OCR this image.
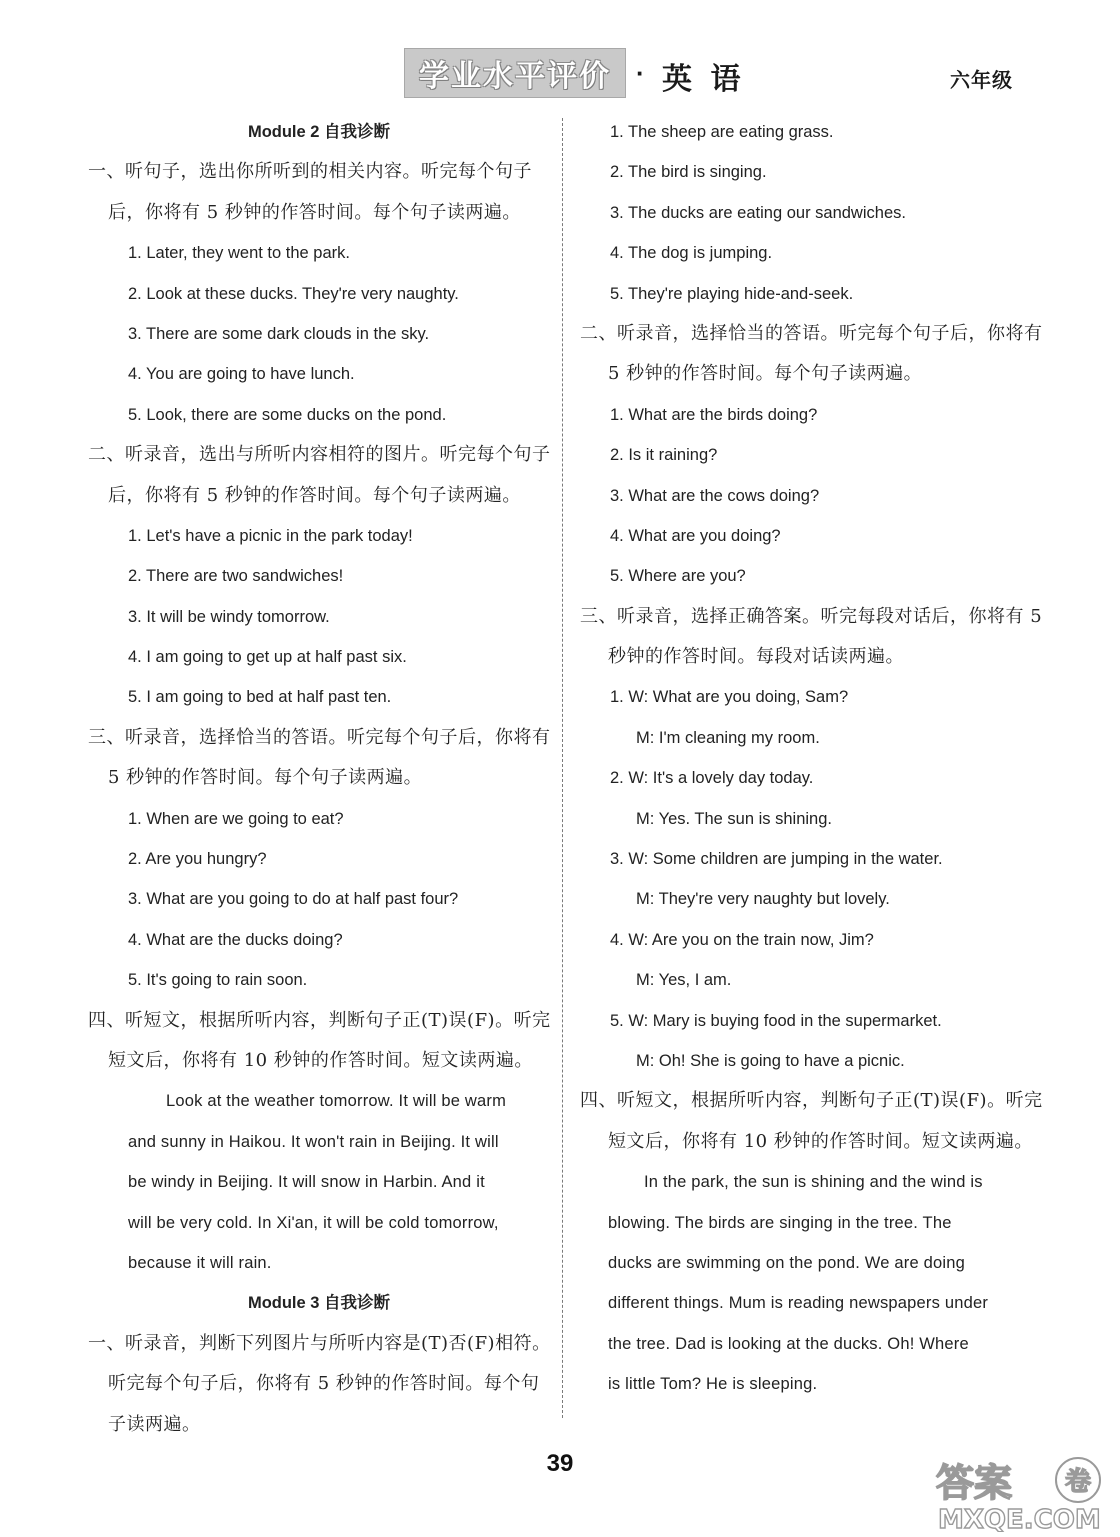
学业水平评价 · 英 语	六年级
Module 2 自我诊断
一、听句子，选出你所听到的相关内容。听完每个句子
后，你将有 5 秒钟的作答时间。每个句子读两遍。
1. Later, they went to the park.
2. Look at these ducks. They're very naughty.
3. There are some dark clouds in the sky.
4. You are going to have lunch.
5. Look, there are some ducks on the pond.
二、听录音，选出与所听内容相符的图片。听完每个句子
后，你将有 5 秒钟的作答时间。每个句子读两遍。
1. Let's have a picnic in the park today!
2. There are two sandwiches!
3. It will be windy tomorrow.
4. I am going to get up at half past six.
5. I am going to bed at half past ten.
三、听录音，选择恰当的答语。听完每个句子后，你将有
5 秒钟的作答时间。每个句子读两遍。
1. When are we going to eat?
2. Are you hungry?
3. What are you going to do at half past four?
4. What are the ducks doing?
5. It's going to rain soon.
四、听短文，根据所听内容，判断句子正(T)误(F)。听完
短文后，你将有 10 秒钟的作答时间。短文读两遍。
Look at the weather tomorrow. It will be warm
and sunny in Haikou. It won't rain in Beijing. It will
be windy in Beijing. It will snow in Harbin. And it
will be very cold. In Xi'an, it will be cold tomorrow,
because it will rain.
Module 3 自我诊断
一、听录音，判断下列图片与所听内容是(T)否(F)相符。
听完每个句子后，你将有 5 秒钟的作答时间。每个句
子读两遍。
1. The sheep are eating grass.
2. The bird is singing.
3. The ducks are eating our sandwiches.
4. The dog is jumping.
5. They're playing hide-and-seek.
二、听录音，选择恰当的答语。听完每个句子后，你将有
5 秒钟的作答时间。每个句子读两遍。
1. What are the birds doing?
2. Is it raining?
3. What are the cows doing?
4. What are you doing?
5. Where are you?
三、听录音，选择正确答案。听完每段对话后，你将有 5
秒钟的作答时间。每段对话读两遍。
1. W: What are you doing, Sam?
M: I'm cleaning my room.
2. W: It's a lovely day today.
M: Yes. The sun is shining.
3. W: Some children are jumping in the water.
M: They're very naughty but lovely.
4. W: Are you on the train now, Jim?
M: Yes, I am.
5. W: Mary is buying food in the supermarket.
M: Oh! She is going to have a picnic.
四、听短文，根据所听内容，判断句子正(T)误(F)。听完
短文后，你将有 10 秒钟的作答时间。短文读两遍。
In the park, the sun is shining and the wind is
blowing. The birds are singing in the tree. The
ducks are swimming on the pond. We are doing
different things. Mum is reading newspapers under
the tree. Dad is looking at the ducks. Oh! Where
is little Tom? He is sleeping.
39	答案 卷
MXQE.COM
